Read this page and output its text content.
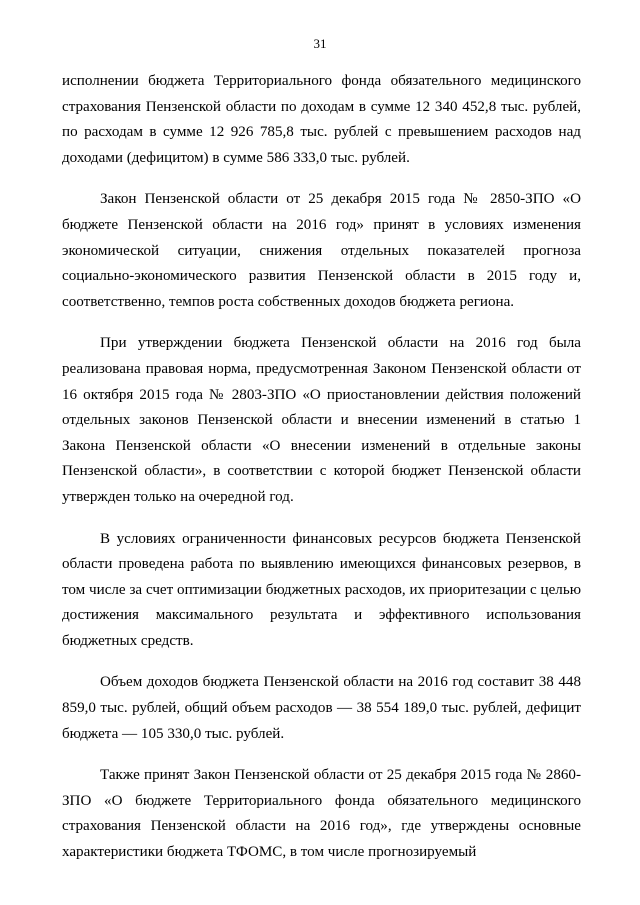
31

исполнении бюджета Территориального фонда обязательного медицинского страхования Пензенской области по доходам в сумме 12 340 452,8 тыс. рублей, по расходам в сумме 12 926 785,8 тыс. рублей с превышением расходов над доходами (дефицитом) в сумме 586 333,0 тыс. рублей.

Закон Пензенской области от 25 декабря 2015 года № 2850-ЗПО «О бюджете Пензенской области на 2016 год» принят в условиях изменения экономической ситуации, снижения отдельных показателей прогноза социально-экономического развития Пензенской области в 2015 году и, соответственно, темпов роста собственных доходов бюджета региона.

При утверждении бюджета Пензенской области на 2016 год была реализована правовая норма, предусмотренная Законом Пензенской области от 16 октября 2015 года № 2803-ЗПО «О приостановлении действия положений отдельных законов Пензенской области и внесении изменений в статью 1 Закона Пензенской области «О внесении изменений в отдельные законы Пензенской области», в соответствии с которой бюджет Пензенской области утвержден только на очередной год.

В условиях ограниченности финансовых ресурсов бюджета Пензенской области проведена работа по выявлению имеющихся финансовых резервов, в том числе за счет оптимизации бюджетных расходов, их приоритезации с целью достижения максимального результата и эффективного использования бюджетных средств.

Объем доходов бюджета Пензенской области на 2016 год составит 38 448 859,0 тыс. рублей, общий объем расходов — 38 554 189,0 тыс. рублей, дефицит бюджета — 105 330,0 тыс. рублей.

Также принят Закон Пензенской области от 25 декабря 2015 года № 2860-ЗПО «О бюджете Территориального фонда обязательного медицинского страхования Пензенской области на 2016 год», где утверждены основные характеристики бюджета ТФОМС, в том числе прогнозируемый
